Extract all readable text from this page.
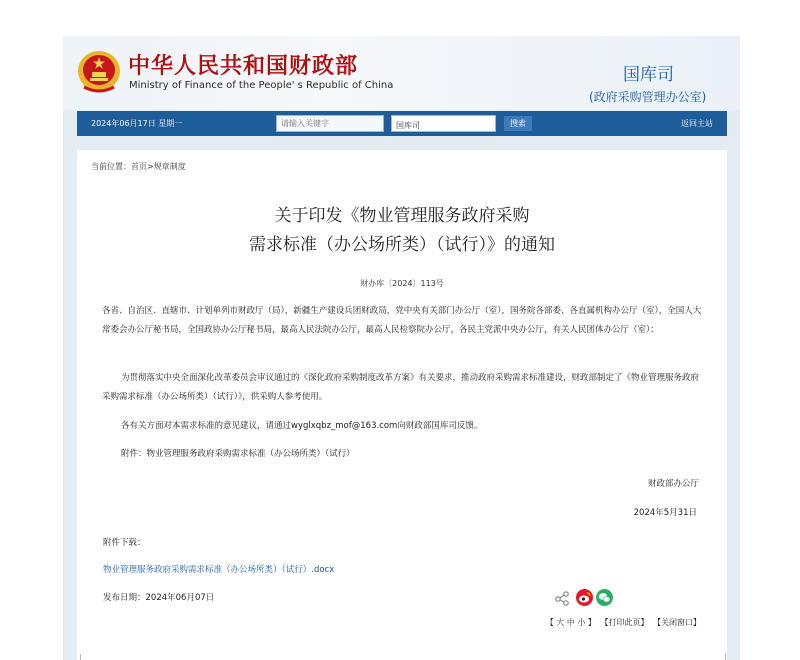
中华人民共和国财政部
Ministry of Finance of the People' s Republic of China
国库司
(政府采购管理办公室)
2024年06月17日 星期一
请输入关键字	国库司	搜索	返回主站
当前位置：首页>规章制度
关于印发《物业管理服务政府采购
需求标准（办公场所类）（试行）》的通知
财办库〔2024〕113号
各省、自治区、直辖市、计划单列市财政厅（局），新疆生产建设兵团财政局，党中央有关部门办公厅（室），国务院各部委、各直属机构办公厅（室），全国人大常委会办公厅秘书局，全国政协办公厅秘书局，最高人民法院办公厅，最高人民检察院办公厅，各民主党派中央办公厅，有关人民团体办公厅（室）：
为贯彻落实中央全面深化改革委员会审议通过的《深化政府采购制度改革方案》有关要求，推动政府采购需求标准建设，财政部制定了《物业管理服务政府采购需求标准（办公场所类）（试行）》，供采购人参考使用。
各有关方面对本需求标准的意见建议，请通过wyglxqbz_mof@163.com向财政部国库司反馈。
附件：物业管理服务政府采购需求标准（办公场所类）（试行）
财政部办公厅
2024年5月31日
附件下载：
物业管理服务政府采购需求标准（办公场所类）（试行）.docx
发布日期：2024年06月07日
【 大 中 小 】 【打印此页】 【关闭窗口】
